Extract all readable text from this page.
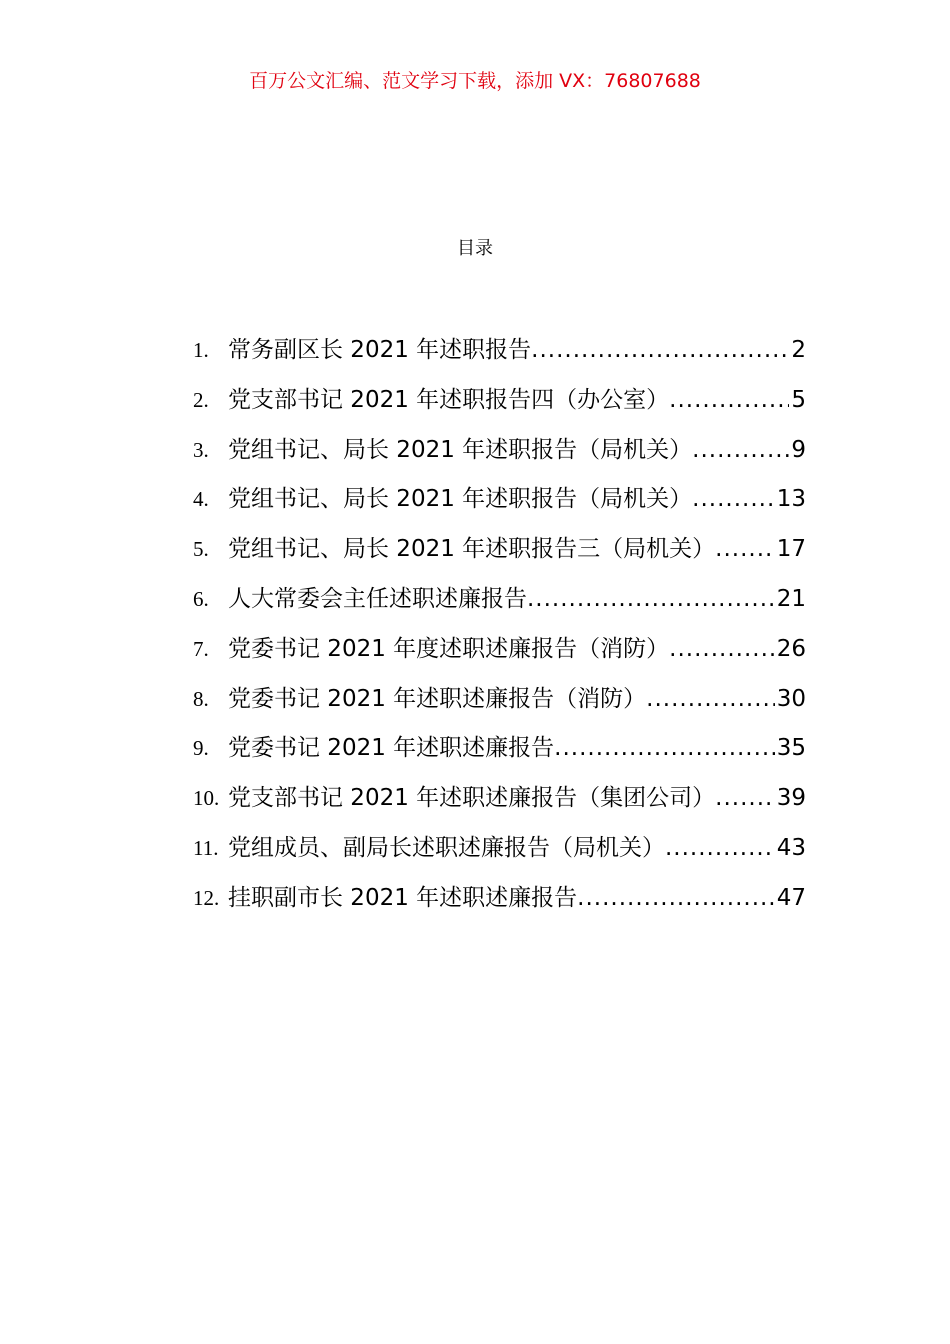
百万公文汇编、范文学习下载，添加 VX：76807688
目录
1. 常务副区长 2021 年述职报告 .....	2
2. 党支部书记 2021 年述职报告四（办公室） .....	5
3. 党组书记、局长 2021 年述职报告（局机关） .....	9
4. 党组书记、局长 2021 年述职报告（局机关） .....	13
5. 党组书记、局长 2021 年述职报告三（局机关） .....	17
6. 人大常委会主任述职述廉报告 .....	21
7. 党委书记 2021 年度述职述廉报告（消防） .....	26
8. 党委书记 2021 年述职述廉报告（消防） .....	30
9. 党委书记 2021 年述职述廉报告 .....	35
10. 党支部书记 2021 年述职述廉报告（集团公司） .....	39
11. 党组成员、副局长述职述廉报告（局机关） .....	43
12. 挂职副市长 2021 年述职述廉报告 .....	47
